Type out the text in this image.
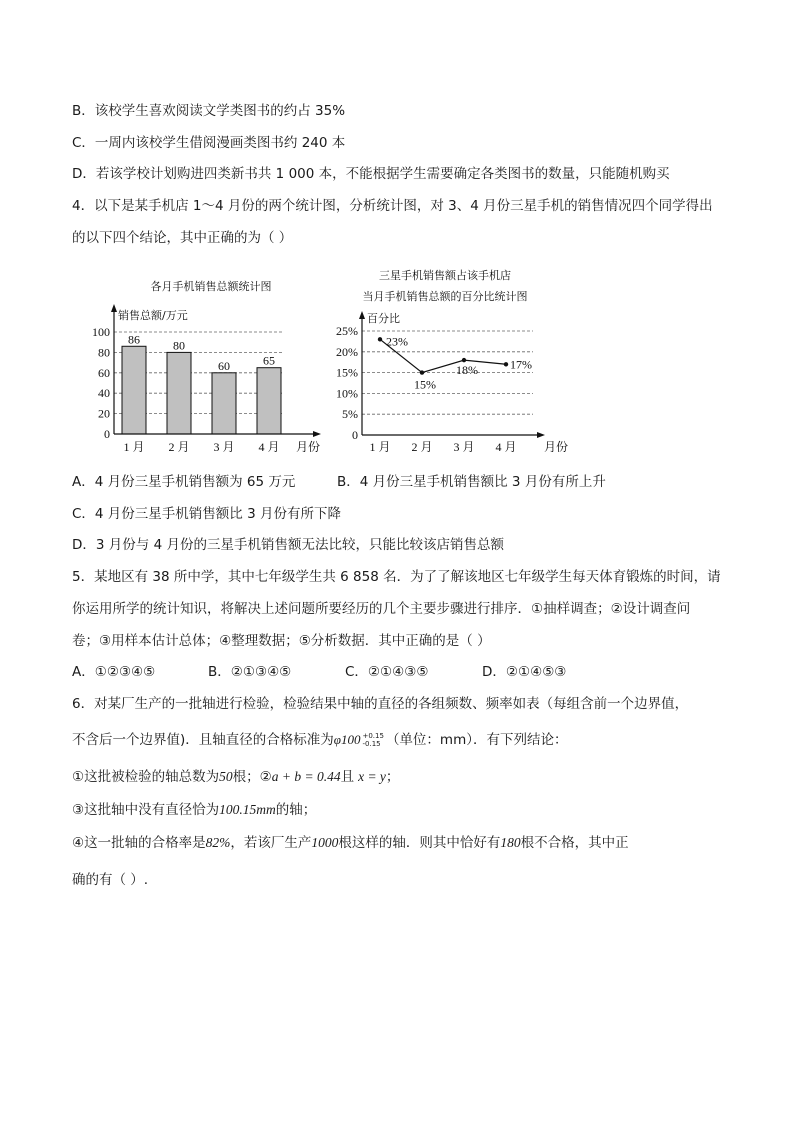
B．该校学生喜欢阅读文学类图书的约占 35%
C．一周内该校学生借阅漫画类图书约 240 本
D．若该学校计划购进四类新书共 1 000 本，不能根据学生需要确定各类图书的数量，只能随机购买
4．以下是某手机店 1～4 月份的两个统计图，分析统计图，对 3、4 月份三星手机的销售情况四个同学得出
的以下四个结论，其中正确的为（ ）
各月手机销售总额统计图
销售总额/万元
0
20
40
60
80
100
86	80
60	65
1 月 2 月 3 月 4 月 月份
三星手机销售额占该手机店
当月手机销售总额的百分比统计图
百分比
0
5%
10%
15%
20%
25%
23%
15%
18%	17%
1 月 2 月 3 月 4 月 月份
A．4 月份三星手机销售额为 65 万元	B．4 月份三星手机销售额比 3 月份有所上升
C．4 月份三星手机销售额比 3 月份有所下降
D．3 月份与 4 月份的三星手机销售额无法比较，只能比较该店销售总额
5．某地区有 38 所中学，其中七年级学生共 6 858 名．为了了解该地区七年级学生每天体育锻炼的时间，请
你运用所学的统计知识，将解决上述问题所要经历的几个主要步骤进行排序．①抽样调查；②设计调查问
卷；③用样本估计总体；④整理数据；⑤分析数据．其中正确的是（ ）
A．①②③④⑤	B．②①③④⑤	C．②①④③⑤	D．②①④⑤③
6．对某厂生产的一批轴进行检验，检验结果中轴的直径的各组频数、频率如表（每组含前一个边界值，
不含后一个边界值)．且轴直径的合格标准为φ100 +0.15
-0.15 （单位：mm）．有下列结论：
①这批被检验的轴总数为50根；②a + b = 0.44且 x = y；
③这批轴中没有直径恰为100.15mm的轴；
④这一批轴的合格率是82%，若该厂生产1000根这样的轴．则其中恰好有180根不合格，其中正
确的有（ ）.
